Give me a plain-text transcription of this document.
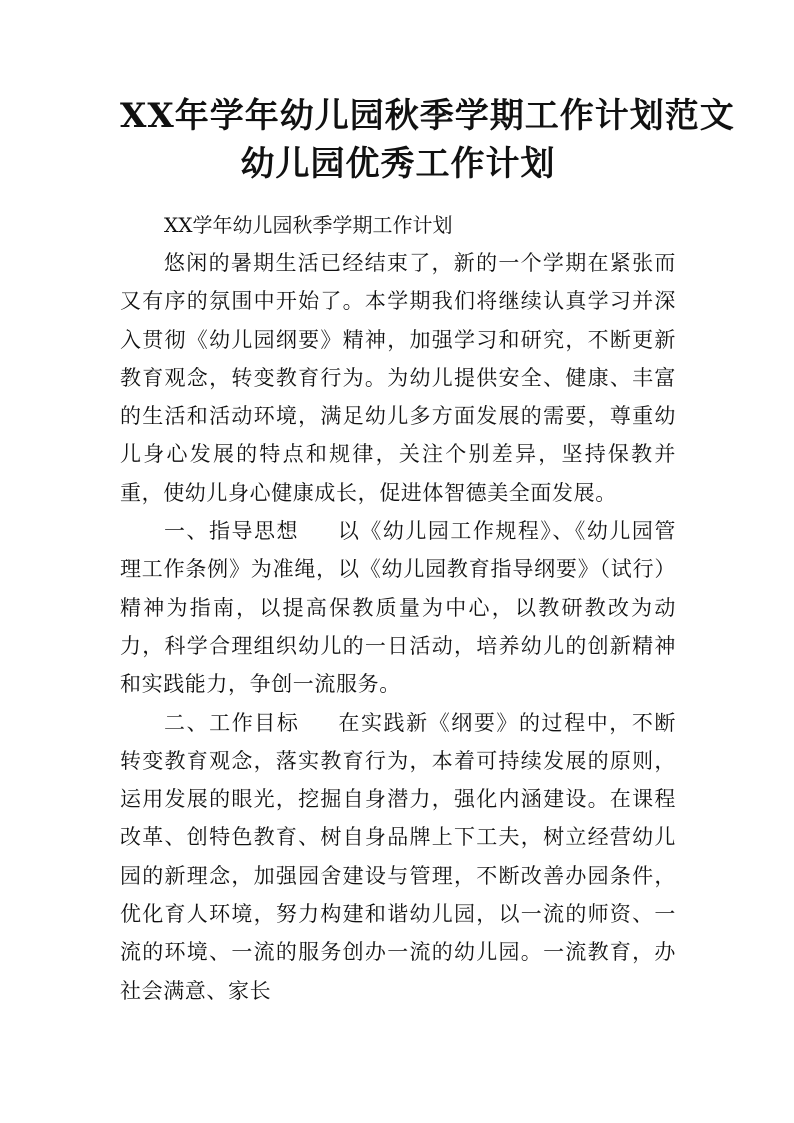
XX年学年幼儿园秋季学期工作计划范文
幼儿园优秀工作计划

XX学年幼儿园秋季学期工作计划

悠闲的暑期生活已经结束了，新的一个学期在紧张而又有序的氛围中开始了。本学期我们将继续认真学习并深入贯彻《幼儿园纲要》精神，加强学习和研究，不断更新教育观念，转变教育行为。为幼儿提供安全、健康、丰富的生活和活动环境，满足幼儿多方面发展的需要，尊重幼儿身心发展的特点和规律，关注个别差异，坚持保教并重，使幼儿身心健康成长，促进体智德美全面发展。

一、指导思想 以《幼儿园工作规程》、《幼儿园管理工作条例》为准绳，以《幼儿园教育指导纲要》（试行）精神为指南，以提高保教质量为中心，以教研教改为动力，科学合理组织幼儿的一日活动，培养幼儿的创新精神和实践能力，争创一流服务。

二、工作目标 在实践新《纲要》的过程中，不断转变教育观念，落实教育行为，本着可持续发展的原则，运用发展的眼光，挖掘自身潜力，强化内涵建设。在课程改革、创特色教育、树自身品牌上下工夫，树立经营幼儿园的新理念，加强园舍建设与管理，不断改善办园条件，优化育人环境，努力构建和谐幼儿园，以一流的师资、一流的环境、一流的服务创办一流的幼儿园。一流教育，办社会满意、家长
